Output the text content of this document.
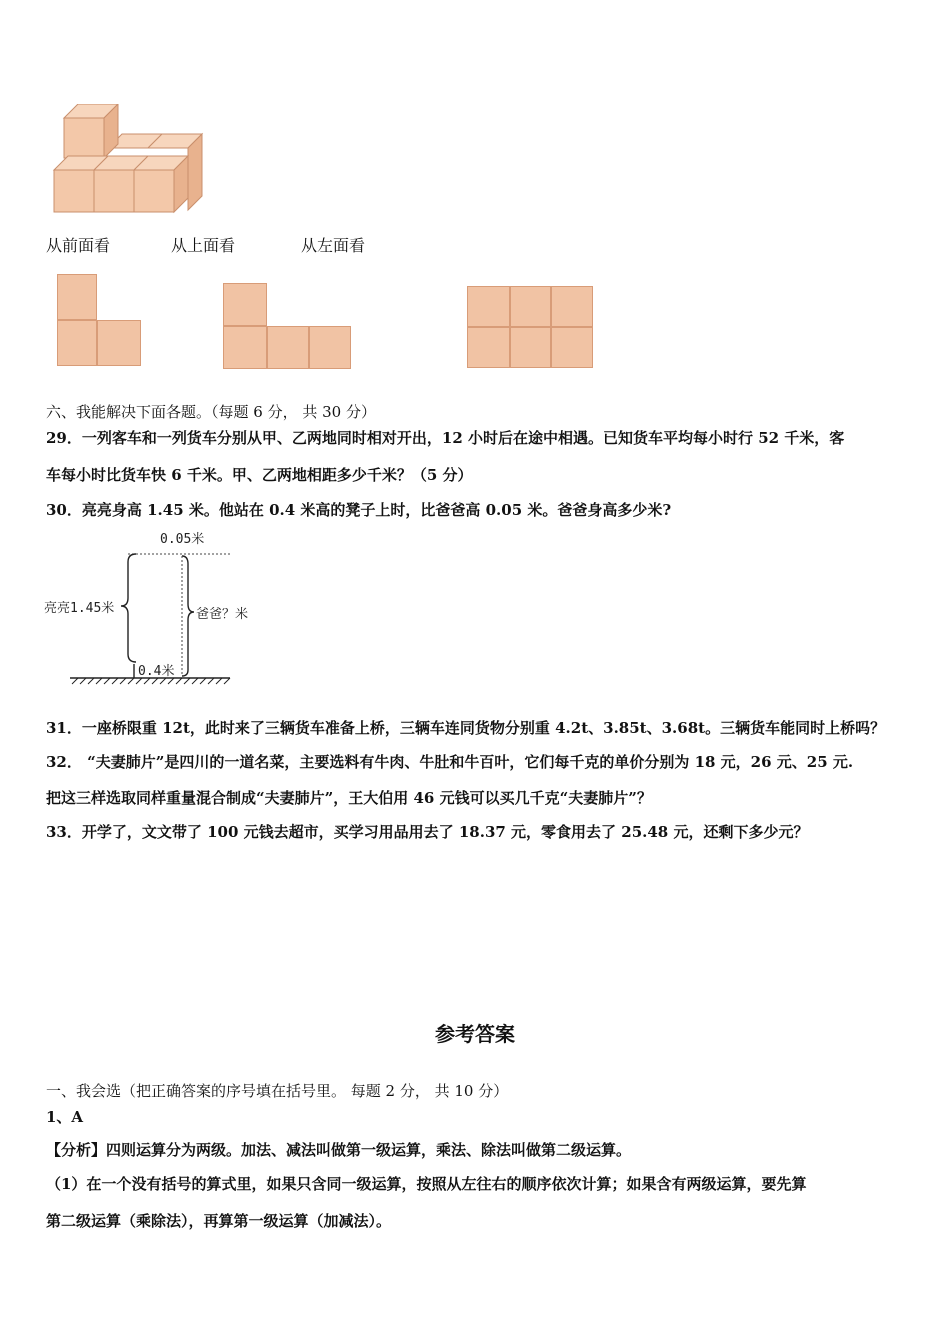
从前面看	从上面看	从左面看
六、我能解决下面各题。（每题 6 分， 共 30 分）
29．一列客车和一列货车分别从甲、乙两地同时相对开出，12 小时后在途中相遇。已知货车平均每小时行 52 千米，客
车每小时比货车快 6 千米。甲、乙两地相距多少千米？（5 分）
30．亮亮身高 1.45 米。他站在 0.4 米高的凳子上时，比爸爸高 0.05 米。爸爸身高多少米?
0.05米
亮亮1.45米	爸爸？米
0.4米
31．一座桥限重 12t，此时来了三辆货车准备上桥，三辆车连同货物分别重 4.2t、3.85t、3.68t。三辆货车能同时上桥吗？
32． “夫妻肺片”是四川的一道名菜，主要选料有牛肉、牛肚和牛百叶，它们每千克的单价分别为 18 元，26 元、25 元.
把这三样选取同样重量混合制成“夫妻肺片”，王大伯用 46 元钱可以买几千克“夫妻肺片”？
33．开学了，文文带了 100 元钱去超市，买学习用品用去了 18.37 元，零食用去了 25.48 元，还剩下多少元？
参考答案
一、我会选（把正确答案的序号填在括号里。 每题 2 分， 共 10 分）
1、A
【分析】四则运算分为两级。加法、减法叫做第一级运算，乘法、除法叫做第二级运算。
（1）在一个没有括号的算式里，如果只含同一级运算，按照从左往右的顺序依次计算；如果含有两级运算，要先算
第二级运算（乘除法），再算第一级运算（加减法）。
